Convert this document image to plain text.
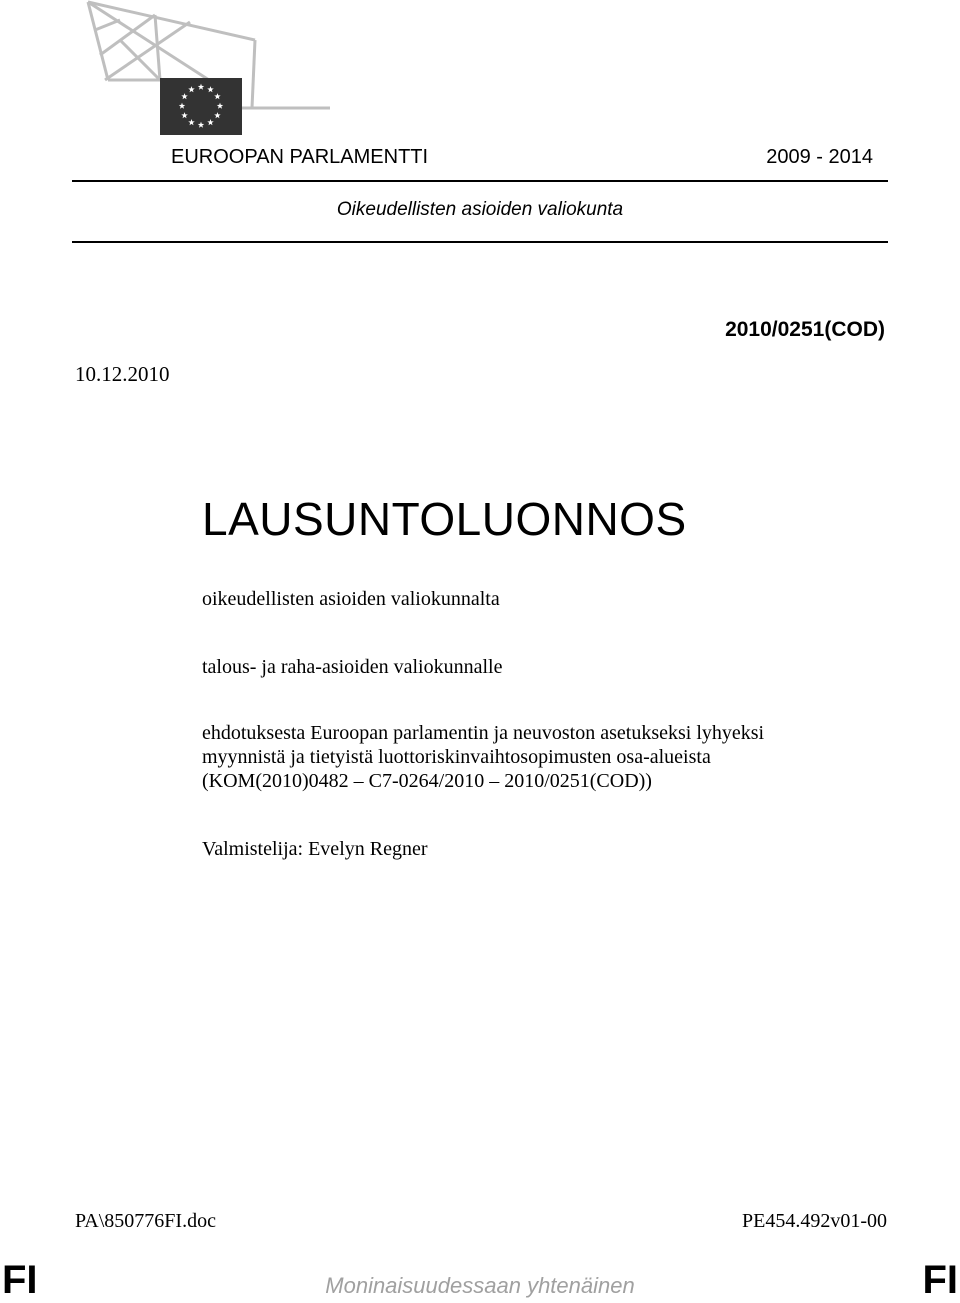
EUROOPAN PARLAMENTTI	2009 - 2014
Oikeudellisten asioiden valiokunta
2010/0251(COD)
10.12.2010
LAUSUNTOLUONNOS
oikeudellisten asioiden valiokunnalta
talous- ja raha-asioiden valiokunnalle
ehdotuksesta Euroopan parlamentin ja neuvoston asetukseksi lyhyeksi
myynnistä ja tietyistä luottoriskinvaihtosopimusten osa-alueista
(KOM(2010)0482 – C7-0264/2010 – 2010/0251(COD))
Valmistelija: Evelyn Regner
PA\850776FI.doc	PE454.492v01-00
FI	Moninaisuudessaan yhtenäinen	FI
